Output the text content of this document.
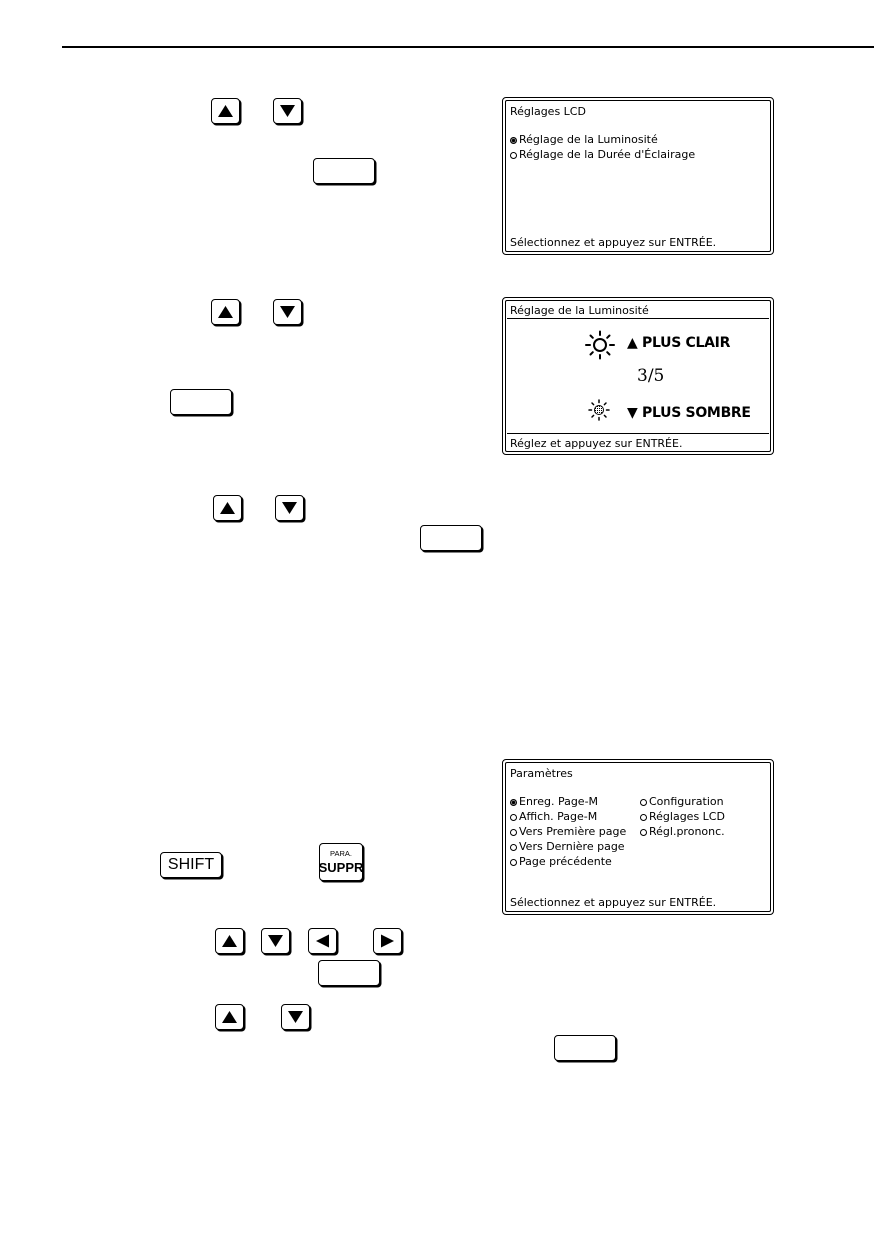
Réglages LCD
Réglage de la Luminosité
Réglage de la Durée d'Éclairage
Sélectionnez et appuyez sur ENTRÉE.
Réglage de la Luminosité
▲ PLUS CLAIR
3/5
▼ PLUS SOMBRE
Réglez et appuyez sur ENTRÉE.
SHIFT
PARA.
SUPPR
Paramètres
Enreg. Page-M
Affich. Page-M
Vers Première page
Vers Dernière page
Page précédente
Configuration
Réglages LCD
Régl.prononc.
Sélectionnez et appuyez sur ENTRÉE.
